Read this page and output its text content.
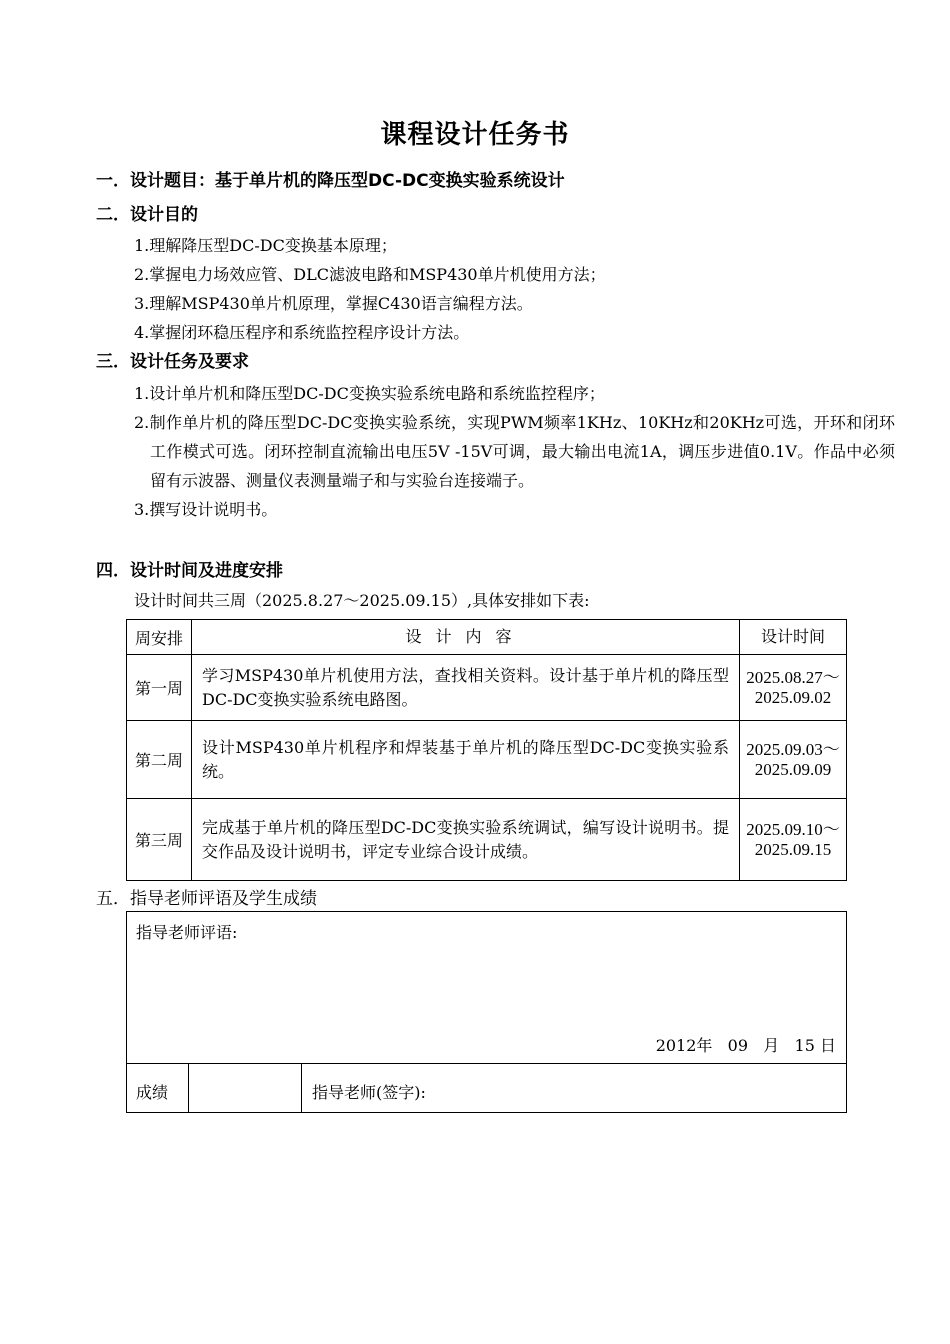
课程设计任务书
一．设计题目：基于单片机的降压型DC-DC变换实验系统设计
二．设计目的
1.理解降压型DC-DC变换基本原理；
2.掌握电力场效应管、DLC滤波电路和MSP430单片机使用方法；
3.理解MSP430单片机原理，掌握C430语言编程方法。
4.掌握闭环稳压程序和系统监控程序设计方法。
三．设计任务及要求
1.设计单片机和降压型DC-DC变换实验系统电路和系统监控程序；
2.制作单片机的降压型DC-DC变换实验系统，实现PWM频率1KHz、10KHz和20KHz可选，开环和闭环工作模式可选。闭环控制直流输出电压5V -15V可调，最大输出电流1A，调压步进值0.1V。作品中必须留有示波器、测量仪表测量端子和与实验台连接端子。
3.撰写设计说明书。
四．设计时间及进度安排
设计时间共三周（2025.8.27～2025.09.15）,具体安排如下表:
周安排	设计内容	设计时间
第一周	学习MSP430单片机使用方法，查找相关资料。设计基于单片机的降压型DC-DC变换实验系统电路图。	2025.08.27～
2025.09.02

第二周	设计MSP430单片机程序和焊装基于单片机的降压型DC-DC变换实验系统。	2025.09.03～
2025.09.09

第三周	完成基于单片机的降压型DC-DC变换实验系统调试，编写设计说明书。提交作品及设计说明书，评定专业综合设计成绩。	2025.09.10～
2025.09.15
五．指导老师评语及学生成绩
指导老师评语:
2012年   09   月   15 日
成绩	指导老师(签字):
